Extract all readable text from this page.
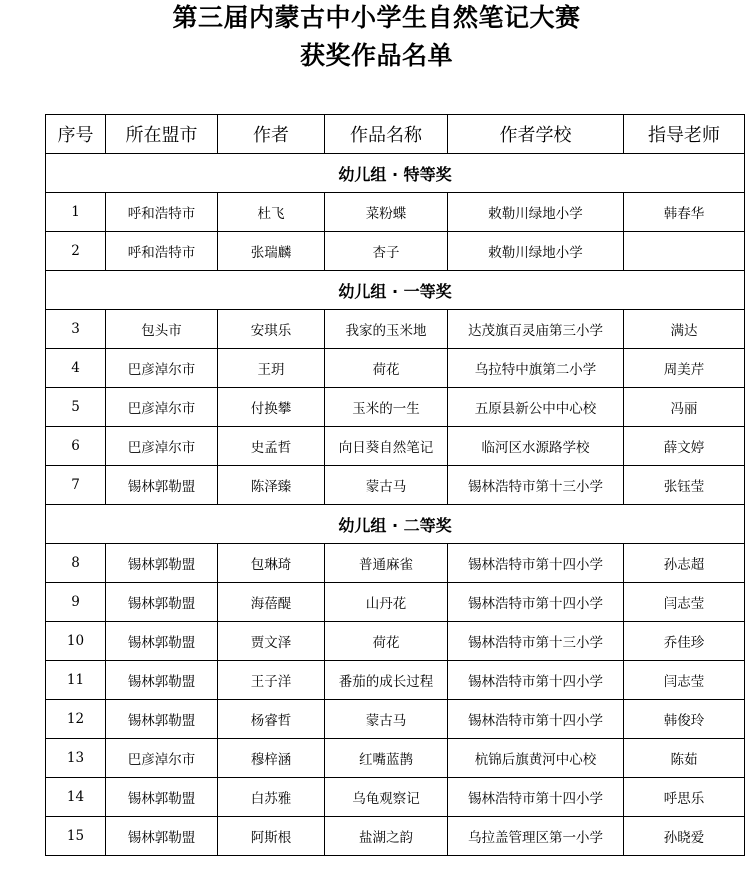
第三届内蒙古中小学生自然笔记大赛
获奖作品名单
序号	所在盟市	作者	作品名称	作者学校	指导老师
幼儿组 · 特等奖					
1	呼和浩特市	杜飞	菜粉蝶	敕勒川绿地小学	韩春华
2	呼和浩特市	张瑞麟	杏子	敕勒川绿地小学	
幼儿组 · 一等奖					
3	包头市	安琪乐	我家的玉米地	达茂旗百灵庙第三小学	满达
4	巴彦淖尔市	王玥	荷花	乌拉特中旗第二小学	周美芹
5	巴彦淖尔市	付换攀	玉米的一生	五原县新公中中心校	冯丽
6	巴彦淖尔市	史孟哲	向日葵自然笔记	临河区水源路学校	薛文婷
7	锡林郭勒盟	陈泽臻	蒙古马	锡林浩特市第十三小学	张钰莹
幼儿组 · 二等奖					
8	锡林郭勒盟	包琳琦	普通麻雀	锡林浩特市第十四小学	孙志超
9	锡林郭勒盟	海蓓醍	山丹花	锡林浩特市第十四小学	闫志莹
10	锡林郭勒盟	贾文泽	荷花	锡林浩特市第十三小学	乔佳珍
11	锡林郭勒盟	王子洋	番茄的成长过程	锡林浩特市第十四小学	闫志莹
12	锡林郭勒盟	杨睿哲	蒙古马	锡林浩特市第十四小学	韩俊玲
13	巴彦淖尔市	穆梓涵	红嘴蓝鹊	杭锦后旗黄河中心校	陈茹
14	锡林郭勒盟	白苏雅	乌龟观察记	锡林浩特市第十四小学	呼思乐
15	锡林郭勒盟	阿斯根	盐湖之韵	乌拉盖管理区第一小学	孙晓爱
